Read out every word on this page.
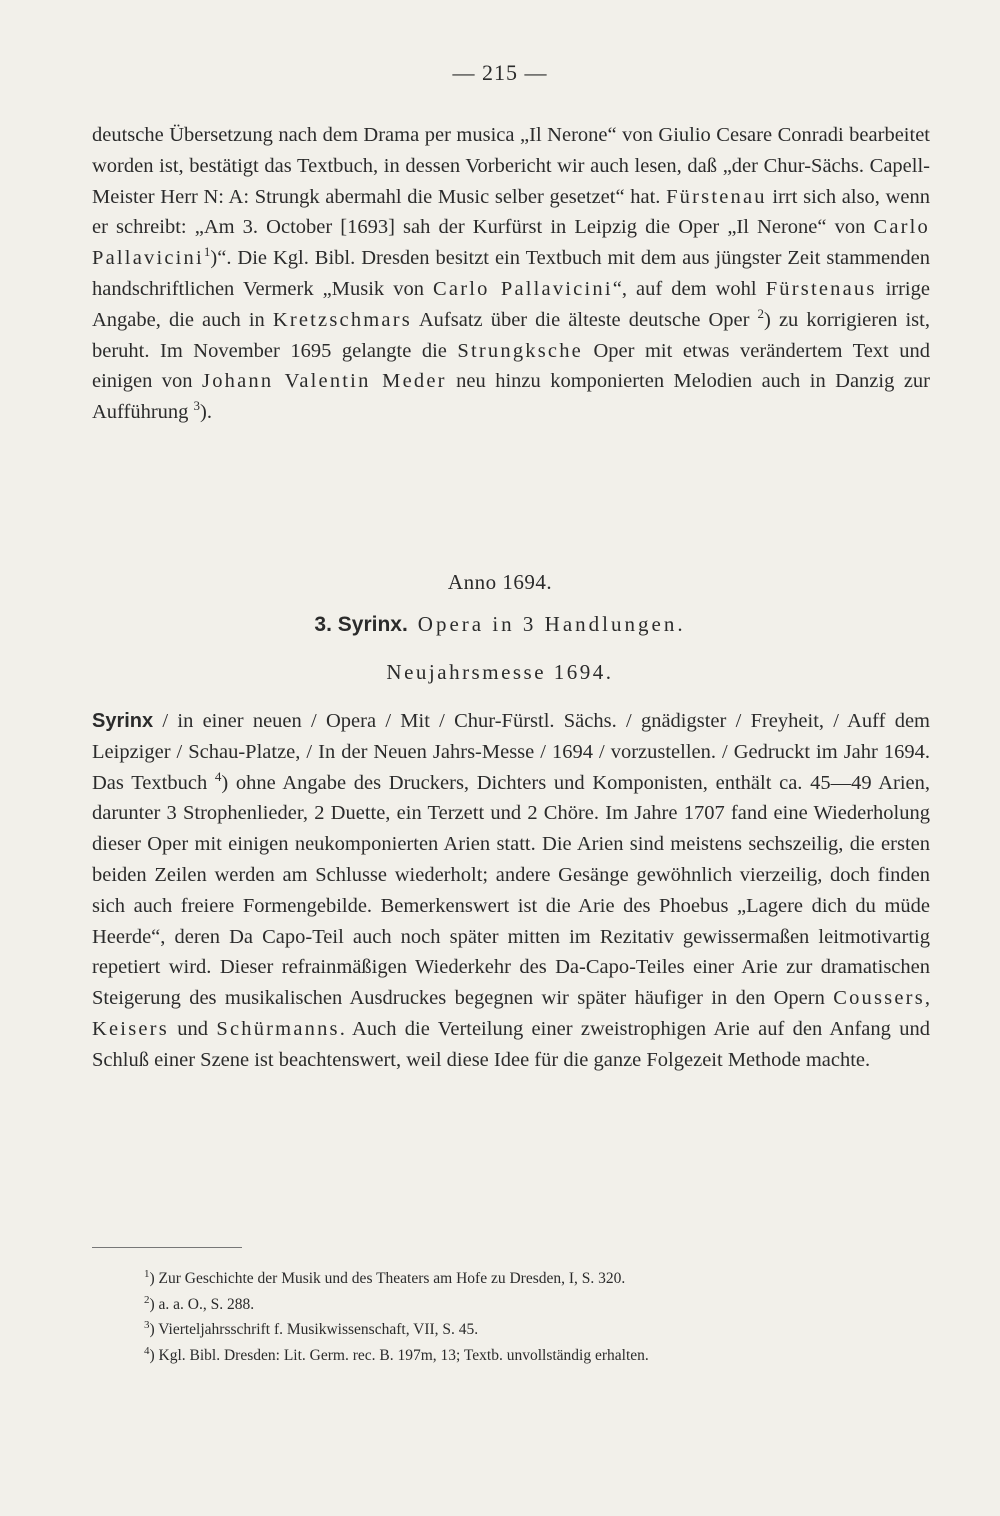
— 215 —

deutsche Übersetzung nach dem Drama per musica „Il Nerone“ von Giulio Cesare Conradi bearbeitet worden ist, bestätigt das Textbuch, in dessen Vorbericht wir auch lesen, daß „der Chur-Sächs. Capell-Meister Herr N: A: Strungk abermahl die Music selber gesetzet“ hat. Fürstenau irrt sich also, wenn er schreibt: „Am 3. October [1693] sah der Kurfürst in Leipzig die Oper „Il Nerone“ von Carlo Pallavicini$^1$)“. Die Kgl. Bibl. Dresden besitzt ein Textbuch mit dem aus jüngster Zeit stammenden handschriftlichen Vermerk „Musik von Carlo Pallavicini“, auf dem wohl Fürstenaus irrige Angabe, die auch in Kretzschmars Aufsatz über die älteste deutsche Oper $^2$) zu korrigieren ist, beruht. Im November 1695 gelangte die Strungksche Oper mit etwas verändertem Text und einigen von Johann Valentin Meder neu hinzu komponierten Melodien auch in Danzig zur Aufführung $^3$).

Anno 1694.

3. Syrinx. Opera in 3 Handlungen.

Neujahrsmesse 1694.

Syrinx / in einer neuen / Opera / Mit / Chur-Fürstl. Sächs. / gnädigster / Freyheit, / Auff dem Leipziger / Schau-Platze, / In der Neuen Jahrs-Messe / 1694 / vorzustellen. / Gedruckt im Jahr 1694. Das Textbuch $^4$) ohne Angabe des Druckers, Dichters und Komponisten, enthält ca. 45—49 Arien, darunter 3 Strophenlieder, 2 Duette, ein Terzett und 2 Chöre. Im Jahre 1707 fand eine Wiederholung dieser Oper mit einigen neukomponierten Arien statt. Die Arien sind meistens sechszeilig, die ersten beiden Zeilen werden am Schlusse wiederholt; andere Gesänge gewöhnlich vierzeilig, doch finden sich auch freiere Formengebilde. Bemerkenswert ist die Arie des Phoebus „Lagere dich du müde Heerde“, deren Da Capo-Teil auch noch später mitten im Rezitativ gewissermaßen leitmotivartig repetiert wird. Dieser refrainmäßigen Wiederkehr des Da-Capo-Teiles einer Arie zur dramatischen Steigerung des musikalischen Ausdruckes begegnen wir später häufiger in den Opern Coussers, Keisers und Schürmanns. Auch die Verteilung einer zweistrophigen Arie auf den Anfang und Schluß einer Szene ist beachtenswert, weil diese Idee für die ganze Folgezeit Methode machte.

$^1$) Zur Geschichte der Musik und des Theaters am Hofe zu Dresden, I, S. 320.
$^2$) a. a. O., S. 288.
$^3$) Vierteljahrsschrift f. Musikwissenschaft, VII, S. 45.
$^4$) Kgl. Bibl. Dresden: Lit. Germ. rec. B. 197m, 13; Textb. unvollständig erhalten.
